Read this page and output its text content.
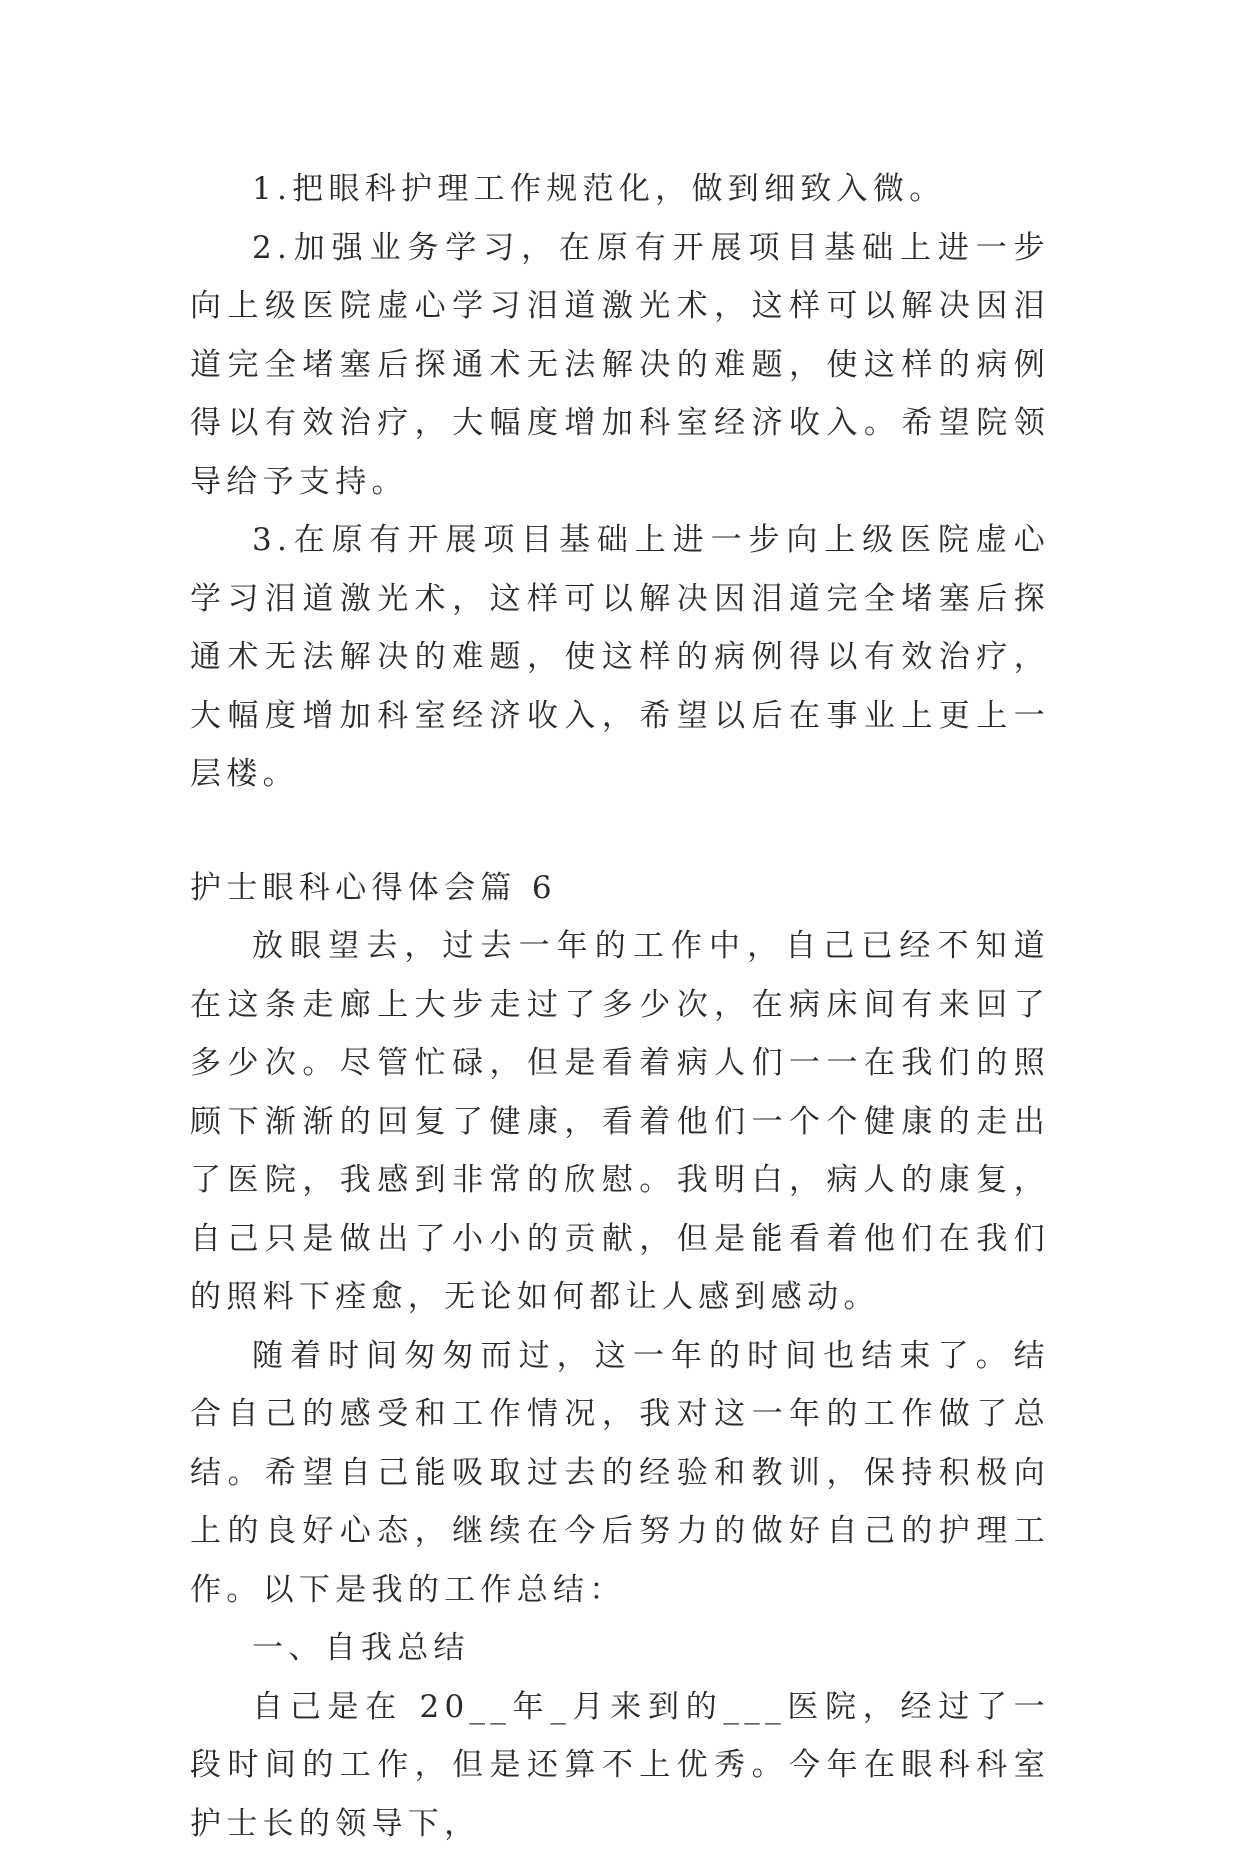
1.把眼科护理工作规范化，做到细致入微。

2.加强业务学习，在原有开展项目基础上进一步向上级医院虚心学习泪道激光术，这样可以解决因泪道完全堵塞后探通术无法解决的难题，使这样的病例得以有效治疗，大幅度增加科室经济收入。希望院领导给予支持。

3.在原有开展项目基础上进一步向上级医院虚心学习泪道激光术，这样可以解决因泪道完全堵塞后探通术无法解决的难题，使这样的病例得以有效治疗，大幅度增加科室经济收入，希望以后在事业上更上一层楼。

护士眼科心得体会篇 6

放眼望去，过去一年的工作中，自己已经不知道在这条走廊上大步走过了多少次，在病床间有来回了多少次。尽管忙碌，但是看着病人们一一在我们的照顾下渐渐的回复了健康，看着他们一个个健康的走出了医院，我感到非常的欣慰。我明白，病人的康复，自己只是做出了小小的贡献，但是能看着他们在我们的照料下痊愈，无论如何都让人感到感动。

随着时间匆匆而过，这一年的时间也结束了。结合自己的感受和工作情况，我对这一年的工作做了总结。希望自己能吸取过去的经验和教训，保持积极向上的良好心态，继续在今后努力的做好自己的护理工作。以下是我的工作总结：

一、自我总结

自己是在 20__年_月来到的___医院，经过了一段时间的工作，但是还算不上优秀。今年在眼科科室护士长的领导下，
